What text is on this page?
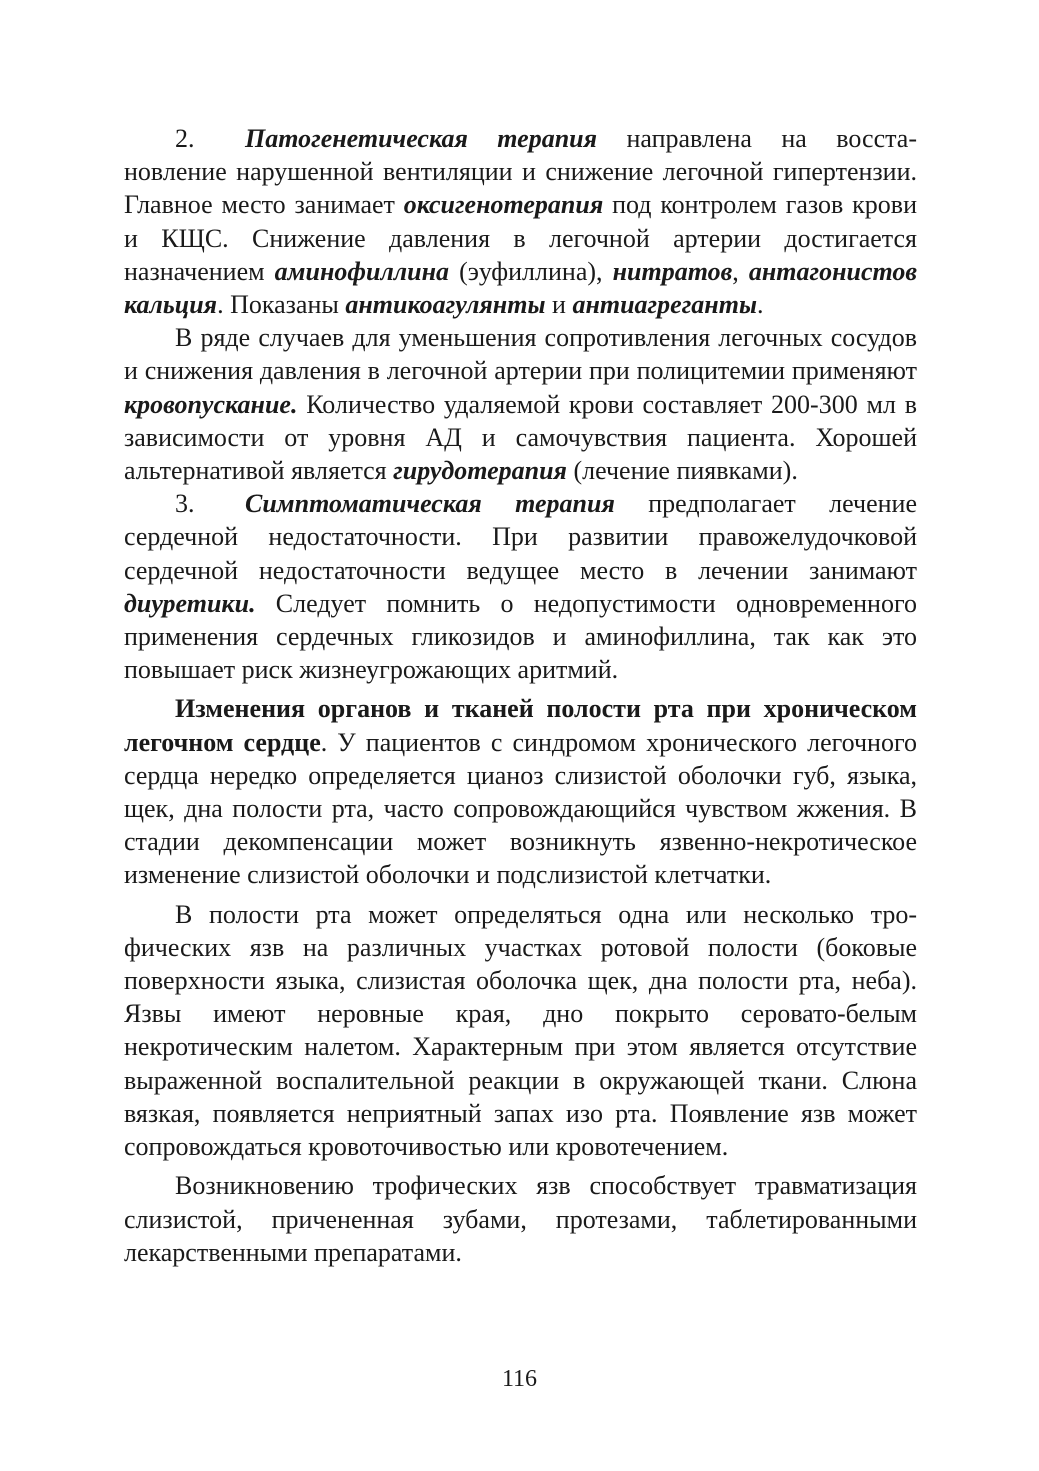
2. Патогенетическая терапия направлена на восстановление нарушенной вентиляции и снижение легочной гипертензии. Главное место занимает оксигенотерапия под контролем газов крови и КЩС. Снижение давления в легочной артерии достигается назначением аминофиллина (эуфиллина), нитратов, антагонистов кальция. Показаны антикоагулянты и антиагреганты.

В ряде случаев для уменьшения сопротивления легочных сосудов и снижения давления в легочной артерии при полицитемии применяют кровопускание. Количество удаляемой крови составляет 200-300 мл в зависимости от уровня АД и самочувствия пациента. Хорошей альтернативой является гирудотерапия (лечение пиявками).

3. Симптоматическая терапия предполагает лечение сердечной недостаточности. При развитии правожелудочковой сердечной недостаточности ведущее место в лечении занимают диуретики. Следует помнить о недопустимости одновременного применения сердечных гликозидов и аминофиллина, так как это повышает риск жизнеугрожающих аритмий.

Изменения органов и тканей полости рта при хроническом легочном сердце. У пациентов с синдромом хронического легочного сердца нередко определяется цианоз слизистой оболочки губ, языка, щек, дна полости рта, часто сопровождающийся чувством жжения. В стадии декомпенсации может возникнуть язвенно-некротическое изменение слизистой оболочки и подслизистой клетчатки.

В полости рта может определяться одна или несколько трофических язв на различных участках ротовой полости (боковые поверхности языка, слизистая оболочка щек, дна полости рта, неба). Язвы имеют неровные края, дно покрыто серовато-белым некротическим налетом. Характерным при этом является отсутствие выраженной воспалительной реакции в окружающей ткани. Слюна вязкая, появляется неприятный запах изо рта. Появление язв может сопровождаться кровоточивостью или кровотечением.

Возникновению трофических язв способствует травматизация слизистой, причененная зубами, протезами, таблетированными лекарственными препаратами.

116
